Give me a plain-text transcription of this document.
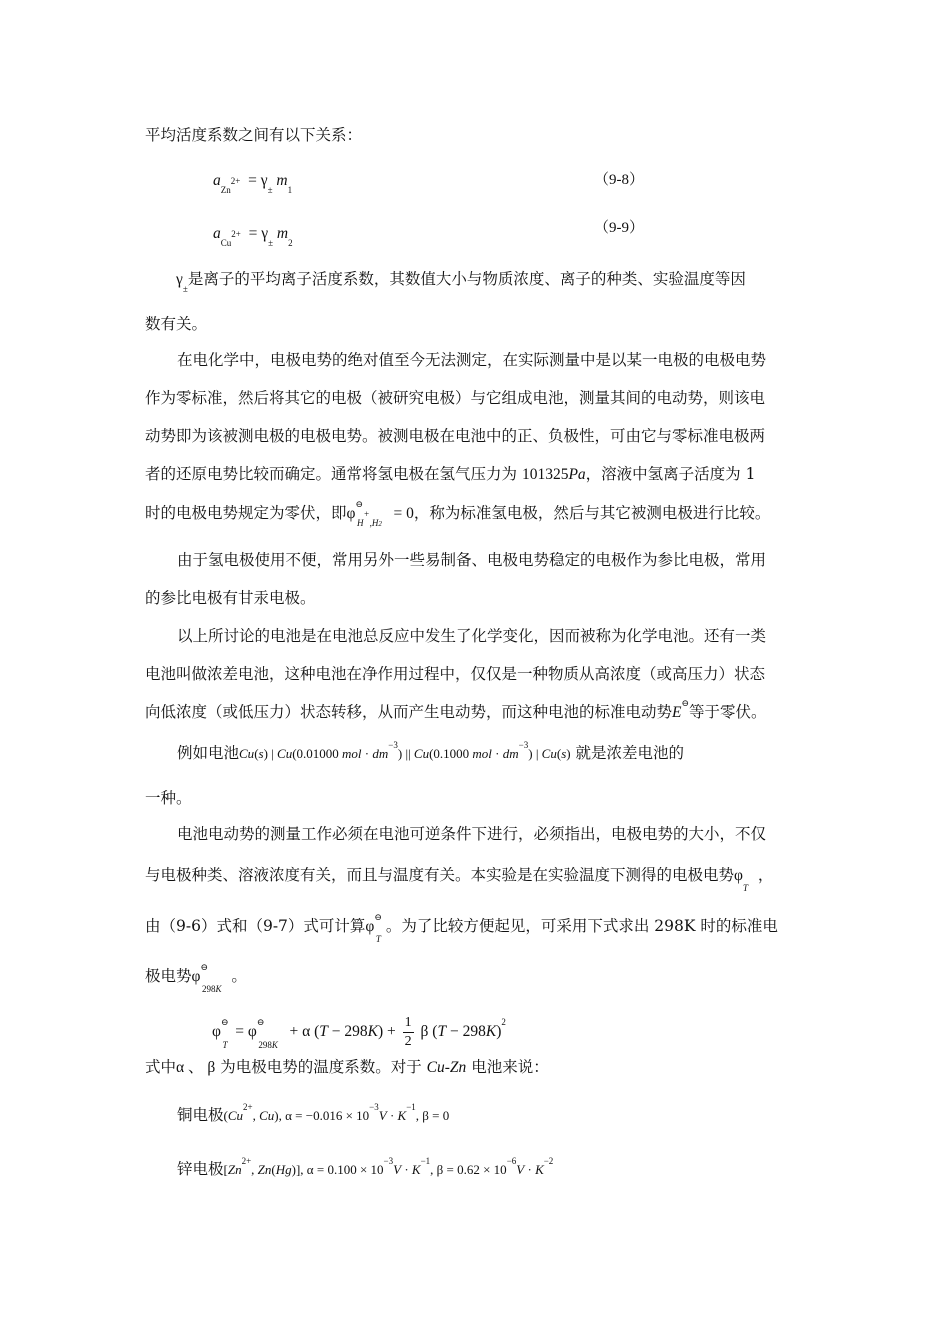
平均活度系数之间有以下关系：
$a_{Zn^{2+}} = \gamma_\pm$ $m_1$
（9-8）
$a_{Cu^{2+}} = \gamma_\pm$ $m_2$
（9-9）
$\gamma_\pm$是离子的平均离子活度系数，其数值大小与物质浓度、离子的种类、实验温度等因
数有关。
在电化学中，电极电势的绝对值至今无法测定，在实际测量中是以某一电极的电极电势
作为零标准，然后将其它的电极（被研究电极）与它组成电池，测量其间的电动势，则该电
动势即为该被测电极的电极电势。被测电极在电池中的正、负极性，可由它与零标准电极两
者的还原电势比较而确定。通常将氢电极在氢气压力为 101325Pa，溶液中氢离子活度为 1
时的电极电势规定为零伏，即$\varphi^⊖_{H^+,H2} = 0$，称为标准氢电极，然后与其它被测电极进行比较。
由于氢电极使用不便，常用另外一些易制备、电极电势稳定的电极作为参比电极，常用
的参比电极有甘汞电极。
以上所讨论的电池是在电池总反应中发生了化学变化，因而被称为化学电池。还有一类
电池叫做浓差电池，这种电池在净作用过程中，仅仅是一种物质从高浓度（或高压力）状态
向低浓度（或低压力）状态转移，从而产生电动势，而这种电池的标准电动势E⊖等于零伏。
例如电池Cu(s) | Cu(0.01000 mol · $dm^{-3}$) || Cu(0.1000 mol · $dm^{-3}$) | Cu(s) 就是浓差电池的
一种。
电池电动势的测量工作必须在电池可逆条件下进行，必须指出，电极电势的大小，不仅
与电极种类、溶液浓度有关，而且与温度有关。本实验是在实验温度下测得的电极电势$\varphi_T$  ，
由（9-6）式和（9-7）式可计算$\varphi^⊖_T$ 。为了比较方便起见，可采用下式求出 298K 时的标准电
极电势$\varphi^⊖_{298K}$  。
$\varphi^⊖_T = \varphi^⊖_{298K} + \alpha$ $(T - 298K) + \frac{1}{2}$ β $(T - 298K)^2$
式中α 、 β 为电极电势的温度系数。对于 Cu-Zn 电池来说：
铜电极($Cu^{2+}$, Cu), $\alpha = -0.016 \times 10^{-3}V \cdot K^{-1}$, β = 0
锌电极[$Zn^{2+}$, Zn(Hg)], $\alpha = 0.100 \times 10^{-3}V \cdot K^{-1}$, $\beta = 0.62 \times 10^{-6}V \cdot K^{-2}$
